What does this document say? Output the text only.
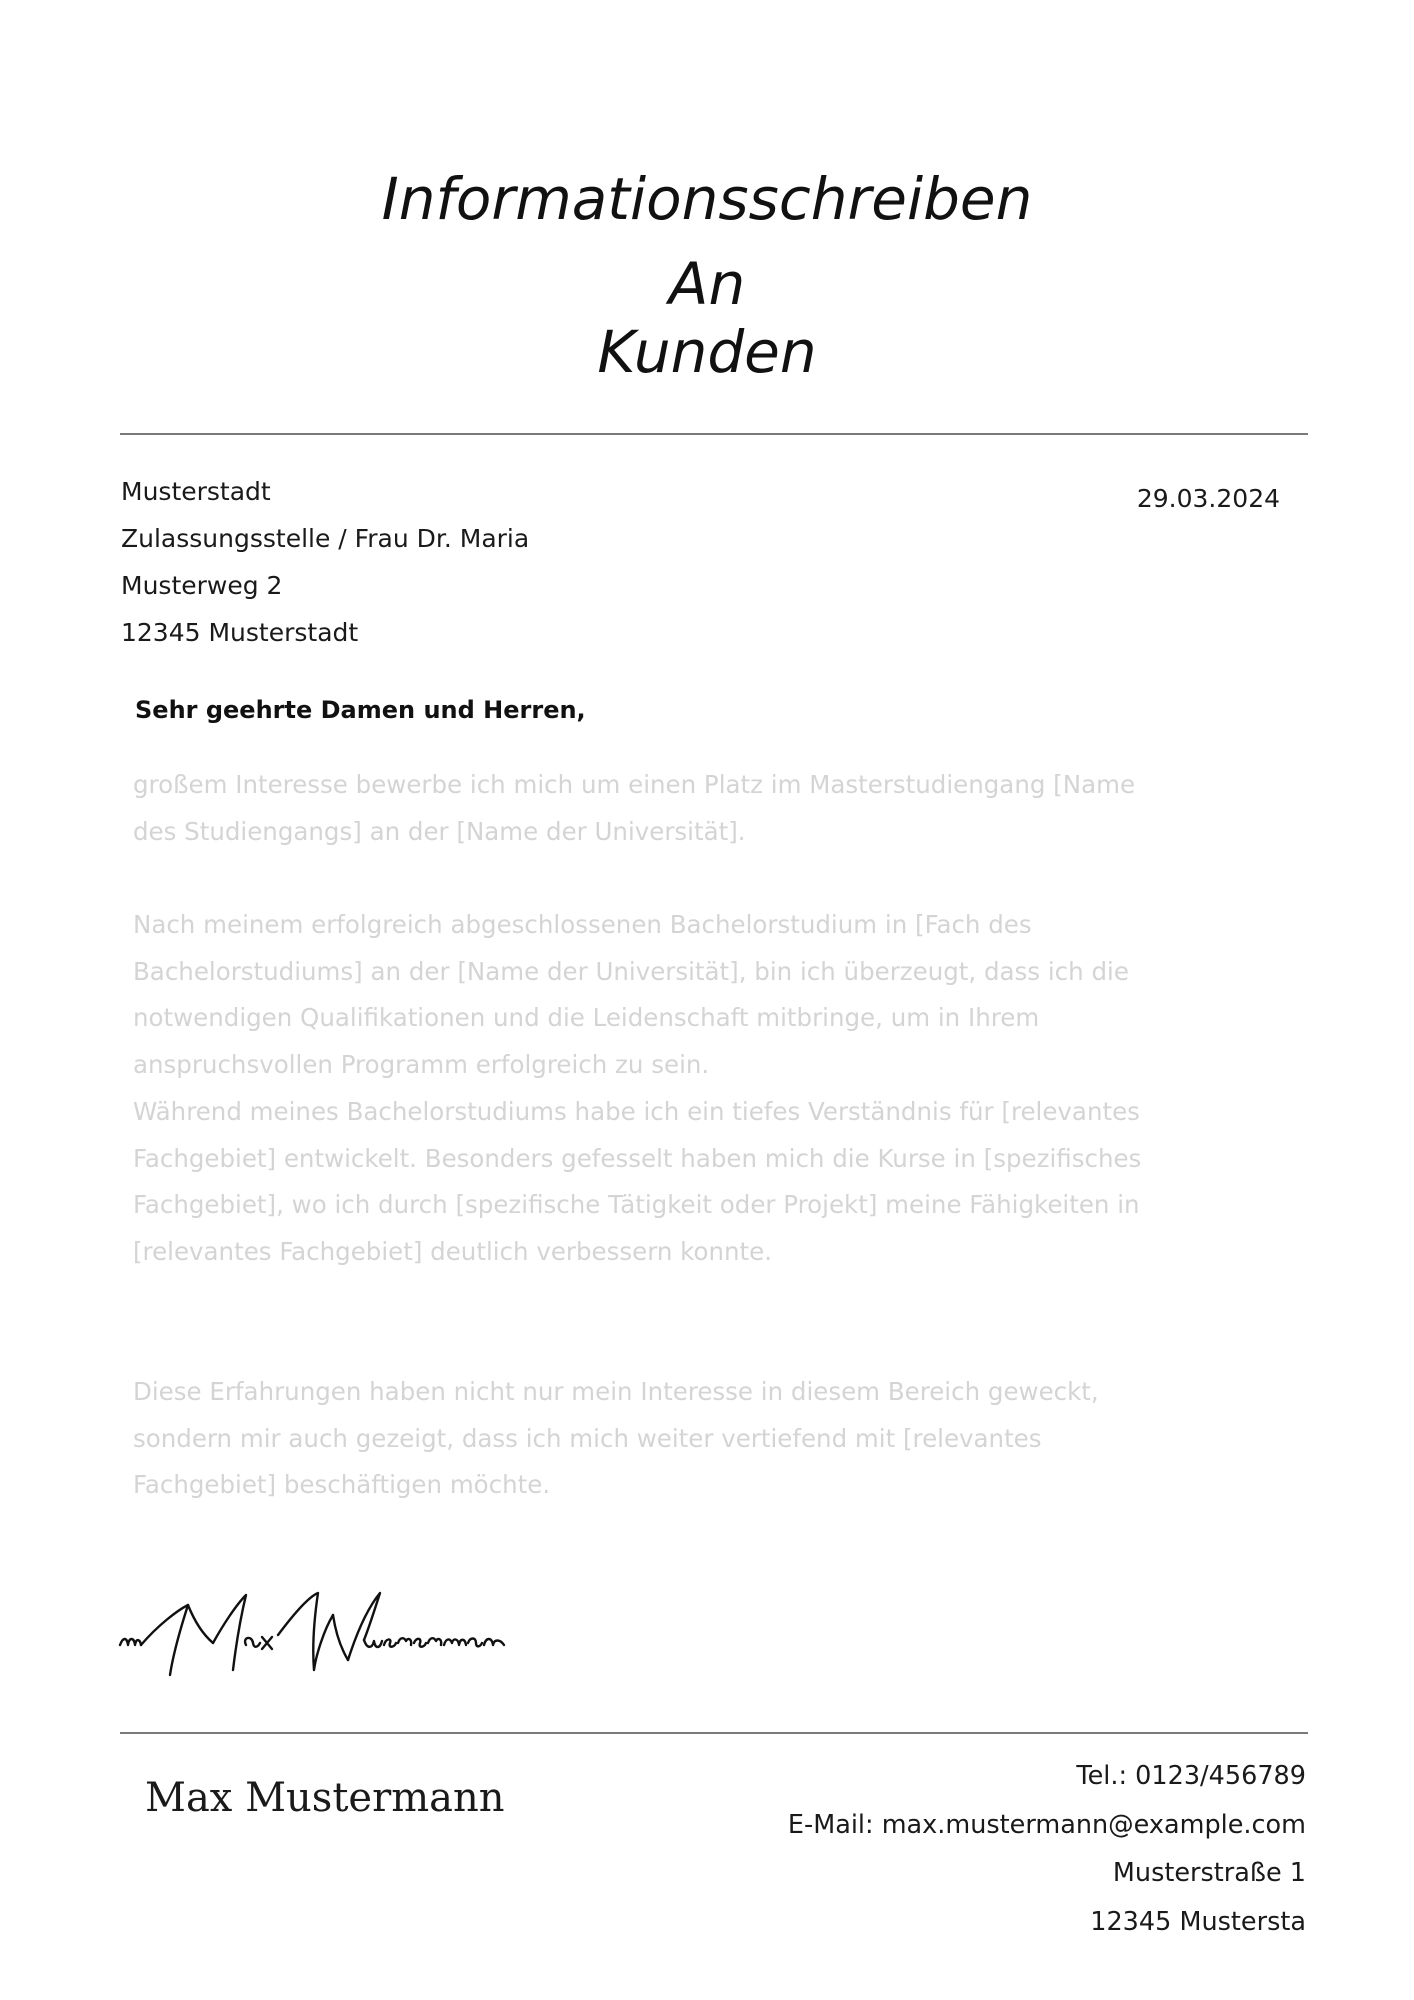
Informationsschreiben
An
Kunden
Musterstadt
Zulassungsstelle / Frau Dr. Maria
Musterweg 2
12345 Musterstadt
29.03.2024
Sehr geehrte Damen und Herren,
großem Interesse bewerbe ich mich um einen Platz im Masterstudiengang [Name
des Studiengangs] an der [Name der Universität].
Nach meinem erfolgreich abgeschlossenen Bachelorstudium in [Fach des
Bachelorstudiums] an der [Name der Universität], bin ich überzeugt, dass ich die
notwendigen Qualifikationen und die Leidenschaft mitbringe, um in Ihrem
anspruchsvollen Programm erfolgreich zu sein.
Während meines Bachelorstudiums habe ich ein tiefes Verständnis für [relevantes
Fachgebiet] entwickelt. Besonders gefesselt haben mich die Kurse in [spezifisches
Fachgebiet], wo ich durch [spezifische Tätigkeit oder Projekt] meine Fähigkeiten in
[relevantes Fachgebiet] deutlich verbessern konnte.
Diese Erfahrungen haben nicht nur mein Interesse in diesem Bereich geweckt,
sondern mir auch gezeigt, dass ich mich weiter vertiefend mit [relevantes
Fachgebiet] beschäftigen möchte.
Max Mustermann	Tel.: 0123/456789
E-Mail: max.mustermann@example.com
Musterstraße 1
12345 Mustersta
